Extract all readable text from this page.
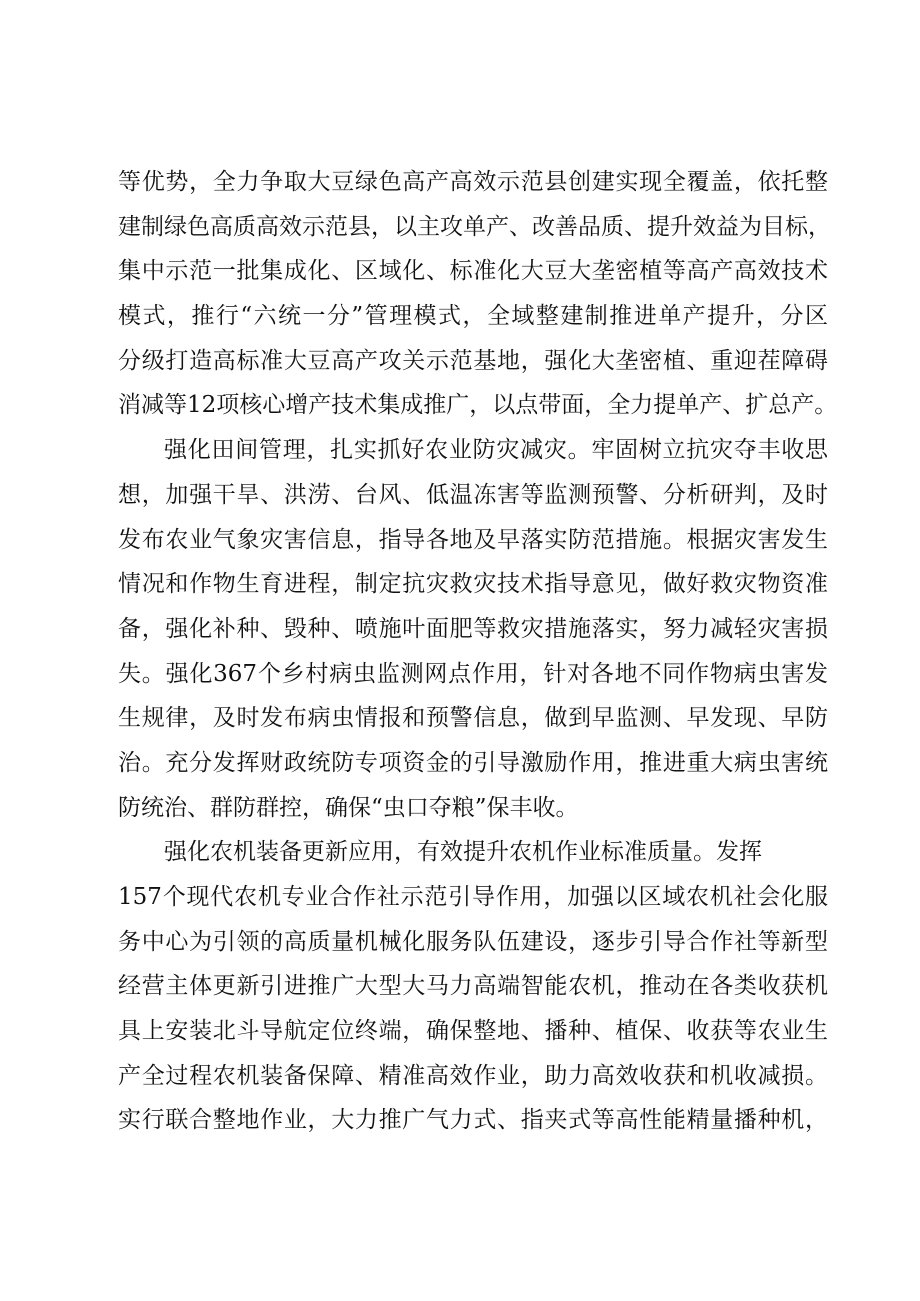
等优势，全力争取大豆绿色高产高效示范县创建实现全覆盖，依托整
建制绿色高质高效示范县，以主攻单产、改善品质、提升效益为目标，
集中示范一批集成化、区域化、标准化大豆大垄密植等高产高效技术
模式，推行“六统一分”管理模式，全域整建制推进单产提升，分区
分级打造高标准大豆高产攻关示范基地，强化大垄密植、重迎茬障碍
消减等12项核心增产技术集成推广，以点带面，全力提单产、扩总产。
强化田间管理，扎实抓好农业防灾减灾。牢固树立抗灾夺丰收思
想，加强干旱、洪涝、台风、低温冻害等监测预警、分析研判，及时
发布农业气象灾害信息，指导各地及早落实防范措施。根据灾害发生
情况和作物生育进程，制定抗灾救灾技术指导意见，做好救灾物资准
备，强化补种、毁种、喷施叶面肥等救灾措施落实，努力减轻灾害损
失。强化367个乡村病虫监测网点作用，针对各地不同作物病虫害发
生规律，及时发布病虫情报和预警信息，做到早监测、早发现、早防
治。充分发挥财政统防专项资金的引导激励作用，推进重大病虫害统
防统治、群防群控，确保“虫口夺粮”保丰收。
强化农机装备更新应用，有效提升农机作业标准质量。发挥
157个现代农机专业合作社示范引导作用，加强以区域农机社会化服
务中心为引领的高质量机械化服务队伍建设，逐步引导合作社等新型
经营主体更新引进推广大型大马力高端智能农机，推动在各类收获机
具上安装北斗导航定位终端，确保整地、播种、植保、收获等农业生
产全过程农机装备保障、精准高效作业，助力高效收获和机收减损。
实行联合整地作业，大力推广气力式、指夹式等高性能精量播种机，
